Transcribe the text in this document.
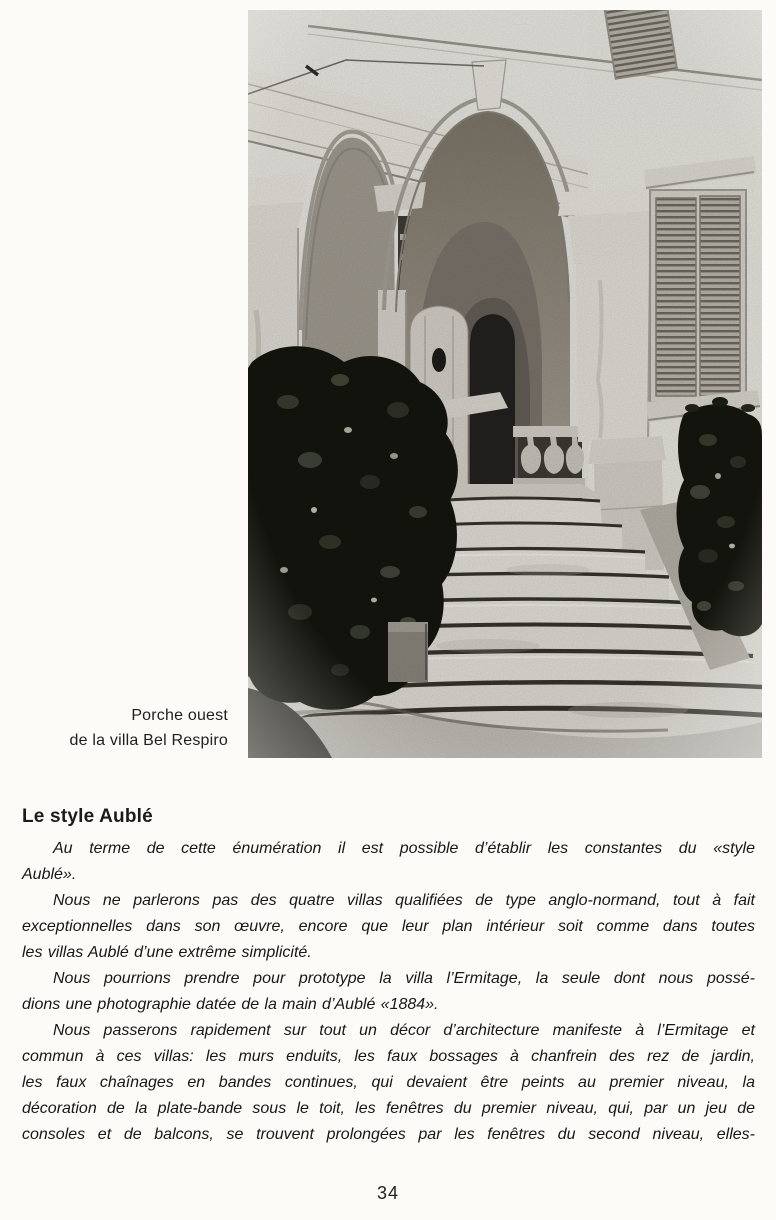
Porche ouest
de la villa Bel Respiro
Le style Aublé
Au terme de cette énumération il est possible d’établir les constantes du «style
Aublé».
Nous ne parlerons pas des quatre villas qualifiées de type anglo-normand, tout à fait
exceptionnelles dans son œuvre, encore que leur plan intérieur soit comme dans toutes
les villas Aublé d’une extrême simplicité.
Nous pourrions prendre pour prototype la villa l’Ermitage, la seule dont nous possé-
dions une photographie datée de la main d’Aublé «1884».
Nous passerons rapidement sur tout un décor d’architecture manifeste à l’Ermitage et
commun à ces villas: les murs enduits, les faux bossages à chanfrein des rez de jardin,
les faux chaînages en bandes continues, qui devaient être peints au premier niveau, la
décoration de la plate-bande sous le toit, les fenêtres du premier niveau, qui, par un jeu de
consoles et de balcons, se trouvent prolongées par les fenêtres du second niveau, elles-
34
